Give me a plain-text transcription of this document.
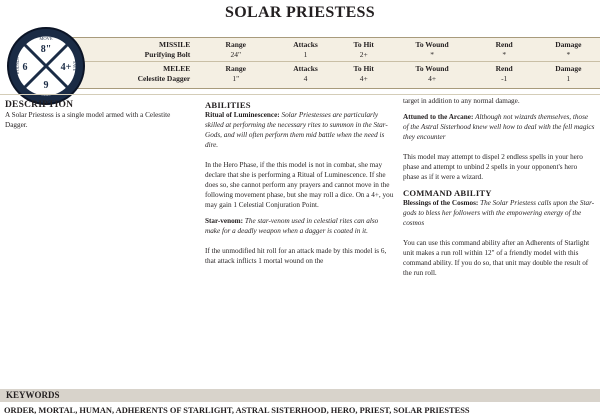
SOLAR PRIESTESS
MOVE
8"
6	4+
9
BRAVERY
WOUNDS	SAVE
MISSILE	Range	Attacks	To Hit	To Wound	Rend	Damage
Purifying Bolt	24"	1	2+	*	*	*
MELEE	Range	Attacks	To Hit	To Wound	Rend	Damage
Celestite Dagger	1"	4	4+	4+	-1	1
DESCRIPTION

A Solar Priestess is a single model armed with a Celestite Dagger.

ABILITIES

Ritual of Luminescence: Solar Priestesses are particularly skilled at performing the necessary rites to summon in the Star-Gods, and will often perform them mid battle when the need is dire.

In the Hero Phase, if the this model is not in combat, she may declare that she is performing a Ritual of Luminescence. If she does so, she cannot perform any prayers and cannot move in the following movement phase, but she may roll a dice. On a 4+, you may gain 1 Celestial Conjuration Point.

Star-venom: The star-venom used in celestial rites can also make for a deadly weapon when a dagger is coated in it.

If the unmodified hit roll for an attack made by this model is 6, that attack inflicts 1 mortal wound on the

target in addition to any normal damage.

Attuned to the Arcane: Although not wizards themselves, those of the Astral Sisterhood knew well how to deal with the fell magics they encounter

This model may attempt to dispel 2 endless spells in your hero phase and attempt to unbind 2 spells in your opponent's hero phase as if it were a wizard.

COMMAND ABILITY

Blessings of the Cosmos: The Solar Priestess calls upon the Star-gods to bless her followers with the empowering energy of the cosmos

You can use this command ability after an Adherents of Starlight unit makes a run roll within 12" of a friendly model with this command ability. If you do so, that unit may double the result of the run roll.

KEYWORDS
ORDER, MORTAL, HUMAN, ADHERENTS OF STARLIGHT, ASTRAL SISTERHOOD, HERO, PRIEST, SOLAR PRIESTESS
